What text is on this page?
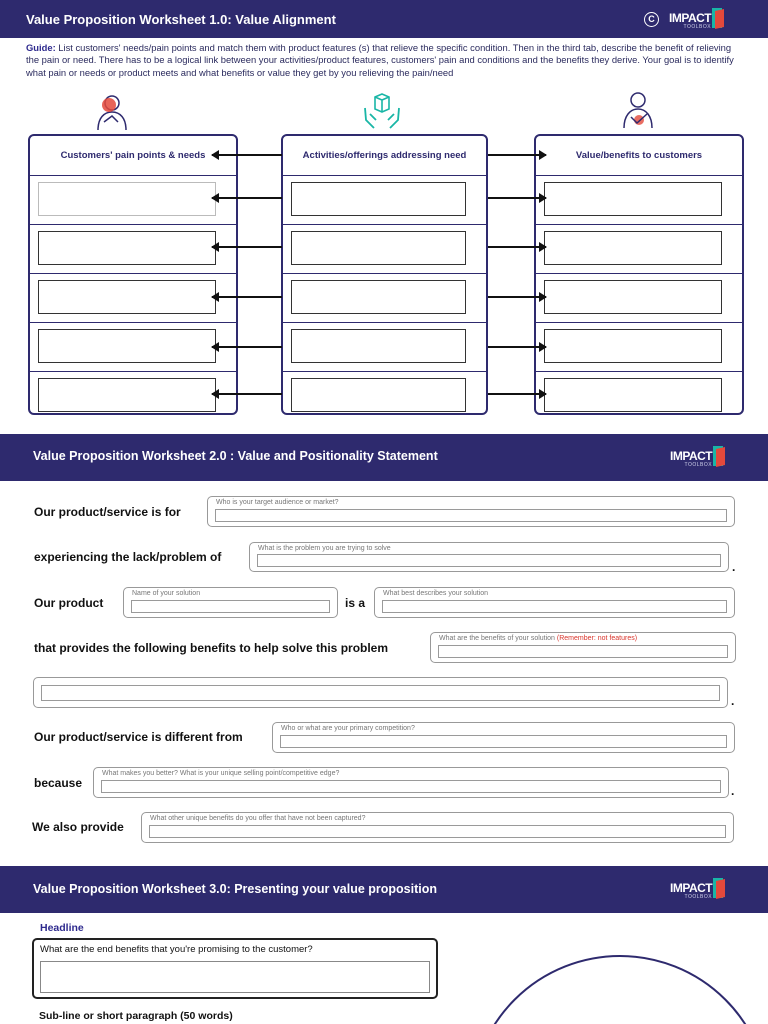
Value Proposition Worksheet 1.0: Value Alignment	C	IMPACT
TOOLBOX
Guide: List customers' needs/pain points and match them with product features (s) that relieve the specific condition. Then in the third tab, describe the benefit of relieving the pain or need. There has to be a logical link between your activities/product features, customers' pain and conditions and the benefits they derive. Your goal is to identify what pain or needs or product meets and what benefits or value they get by you relieving the pain/need
Customers' pain points & needs	Activities/offerings addressing need	Value/benefits to customers
Value Proposition Worksheet 2.0 : Value and Positionality Statement	IMPACT
TOOLBOX
Our product/service is for
Who is your target audience or market?
experiencing the lack/problem of
What is the problem you are trying to solve
.
Our product
Name of your solution
is a
What best describes your solution
that provides the following benefits to help solve this problem
What are the benefits of your solution (Remember: not features)
.
Our product/service is different from
Who or what are your primary competition?
because
What makes you better? What is your unique selling point/competitive edge?
.
We also provide
What other unique benefits do you offer that have not been captured?
Value Proposition Worksheet 3.0: Presenting your value proposition	IMPACT
TOOLBOX
Headline
What are the end benefits that you're promising to the customer?
Sub-line or short paragraph (50 words)
